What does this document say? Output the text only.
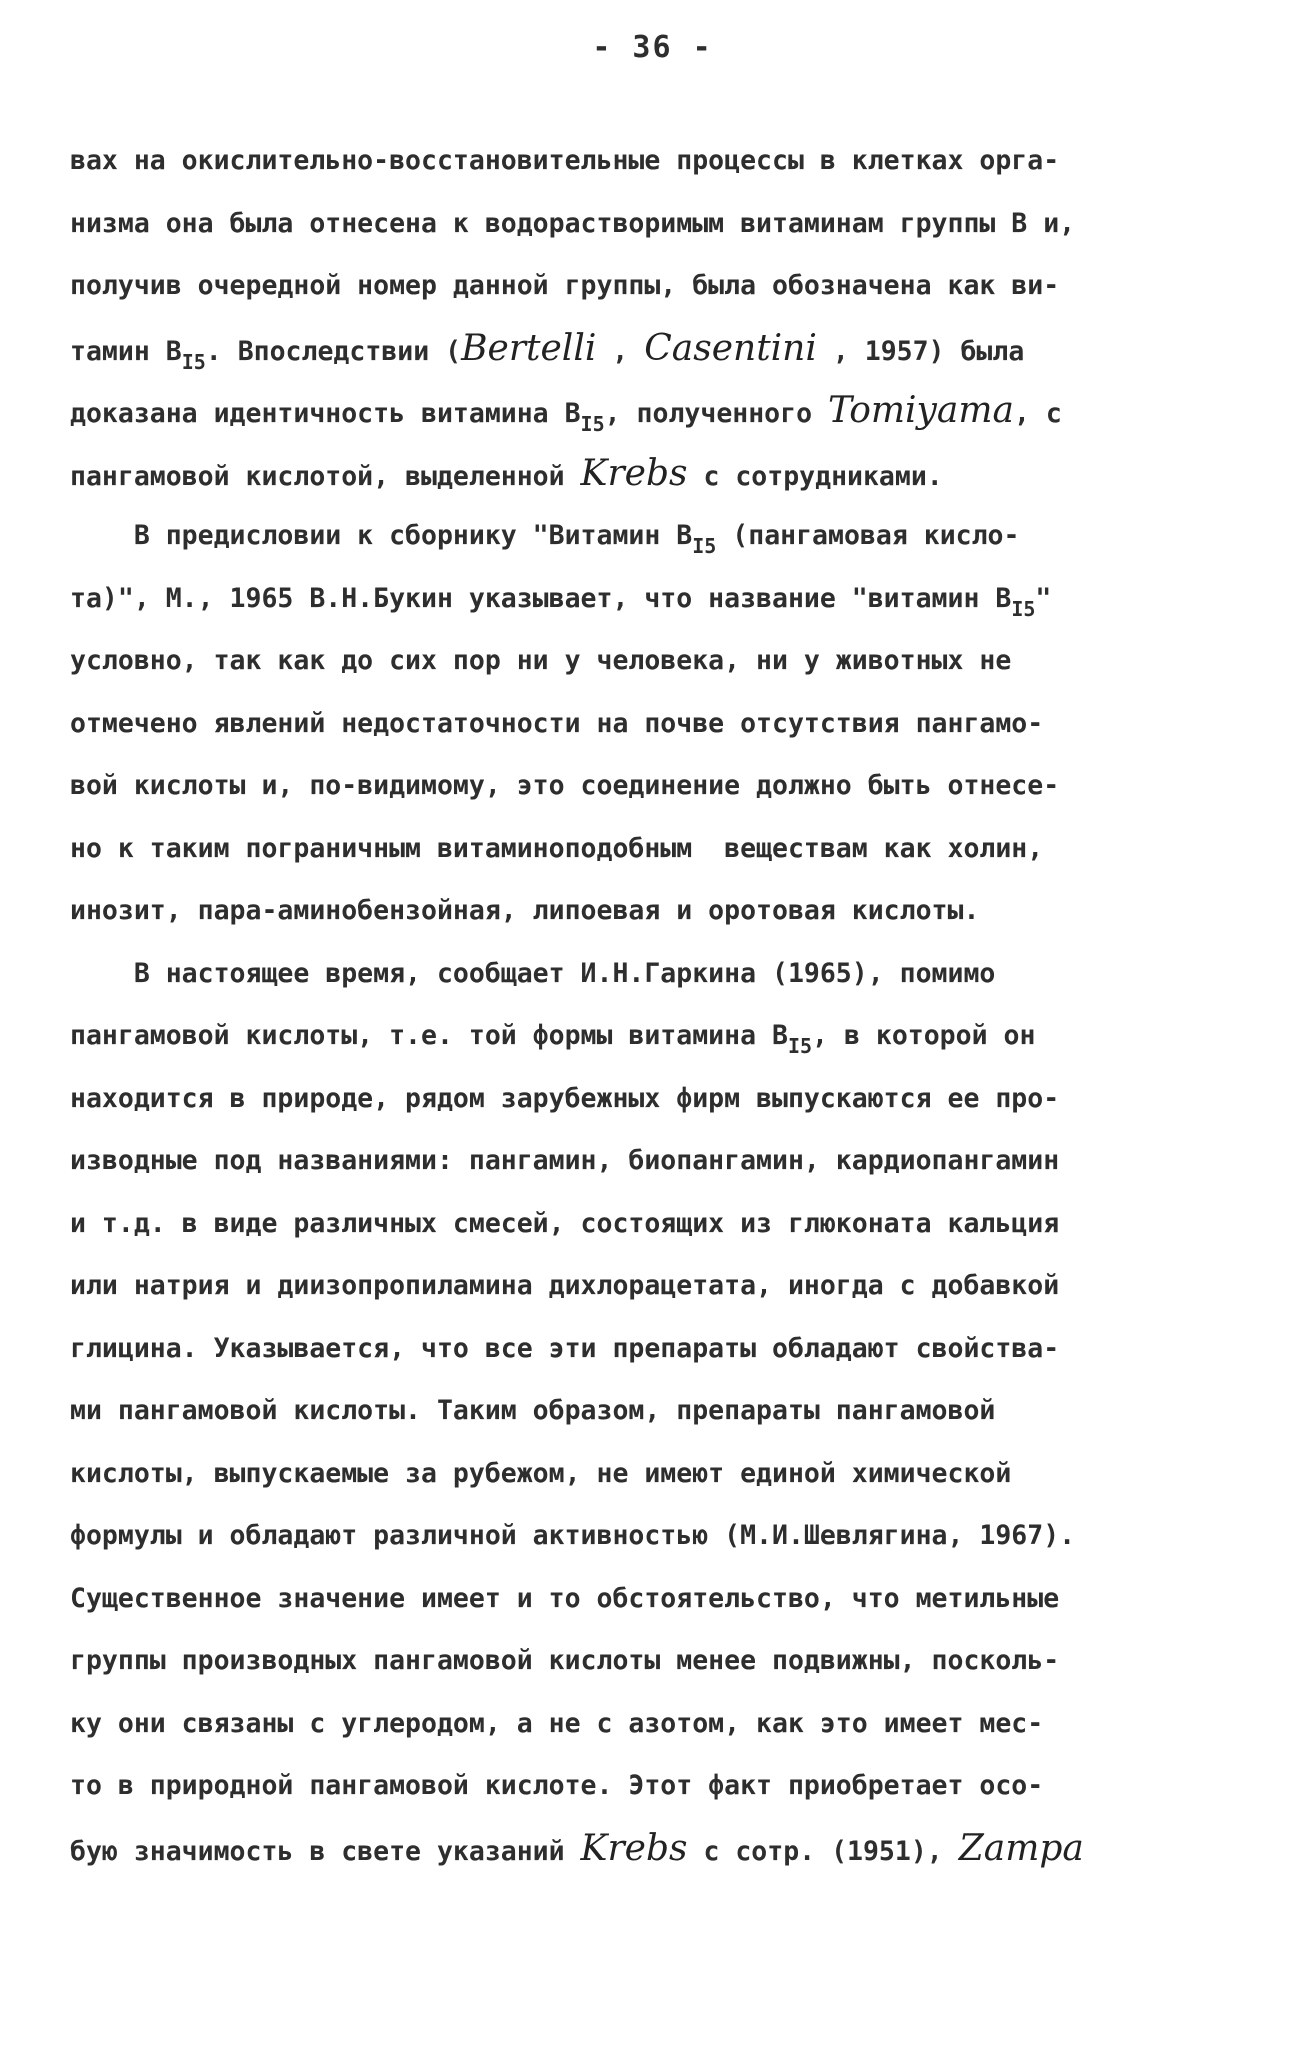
- 36 -
вах на окислительно-восстановительные процессы в клетках орга-
низма она была отнесена к водорастворимым витаминам группы В и,
получив очередной номер данной группы, была обозначена как ви-
тамин $В_{I5}$. Впоследствии (Bertelli , Casentini , 1957) была
доказана идентичность витамина $В_{I5}$, полученного Tomiyama, с
пангамовой кислотой, выделенной Krebs с сотрудниками.
В предисловии к сборнику "Витамин $В_{I5}$ (пангамовая кисло-
та)", М., 1965 В.Н.Букин указывает, что название "витамин $В_{I5}$"
условно, так как до сих пор ни у человека, ни у животных не
отмечено явлений недостаточности на почве отсутствия пангамо-
вой кислоты и, по-видимому, это соединение должно быть отнесе-
но к таким пограничным витаминоподобным  веществам как холин,
инозит, пара-аминобензойная, липоевая и оротовая кислоты.
В настоящее время, сообщает И.Н.Гаркина (1965), помимо
пангамовой кислоты, т.е. той формы витамина $В_{I5}$, в которой он
находится в природе, рядом зарубежных фирм выпускаются ее про-
изводные под названиями: пангамин, биопангамин, кардиопангамин
и т.д. в виде различных смесей, состоящих из глюконата кальция
или натрия и диизопропиламина дихлорацетата, иногда с добавкой
глицина. Указывается, что все эти препараты обладают свойства-
ми пангамовой кислоты. Таким образом, препараты пангамовой
кислоты, выпускаемые за рубежом, не имеют единой химической
формулы и обладают различной активностью (М.И.Шевлягина, 1967).
Существенное значение имеет и то обстоятельство, что метильные
группы производных пангамовой кислоты менее подвижны, посколь-
ку они связаны с углеродом, а не с азотом, как это имеет мес-
то в природной пангамовой кислоте. Этот факт приобретает осо-
бую значимость в свете указаний Krebs с сотр. (1951), Zampa
